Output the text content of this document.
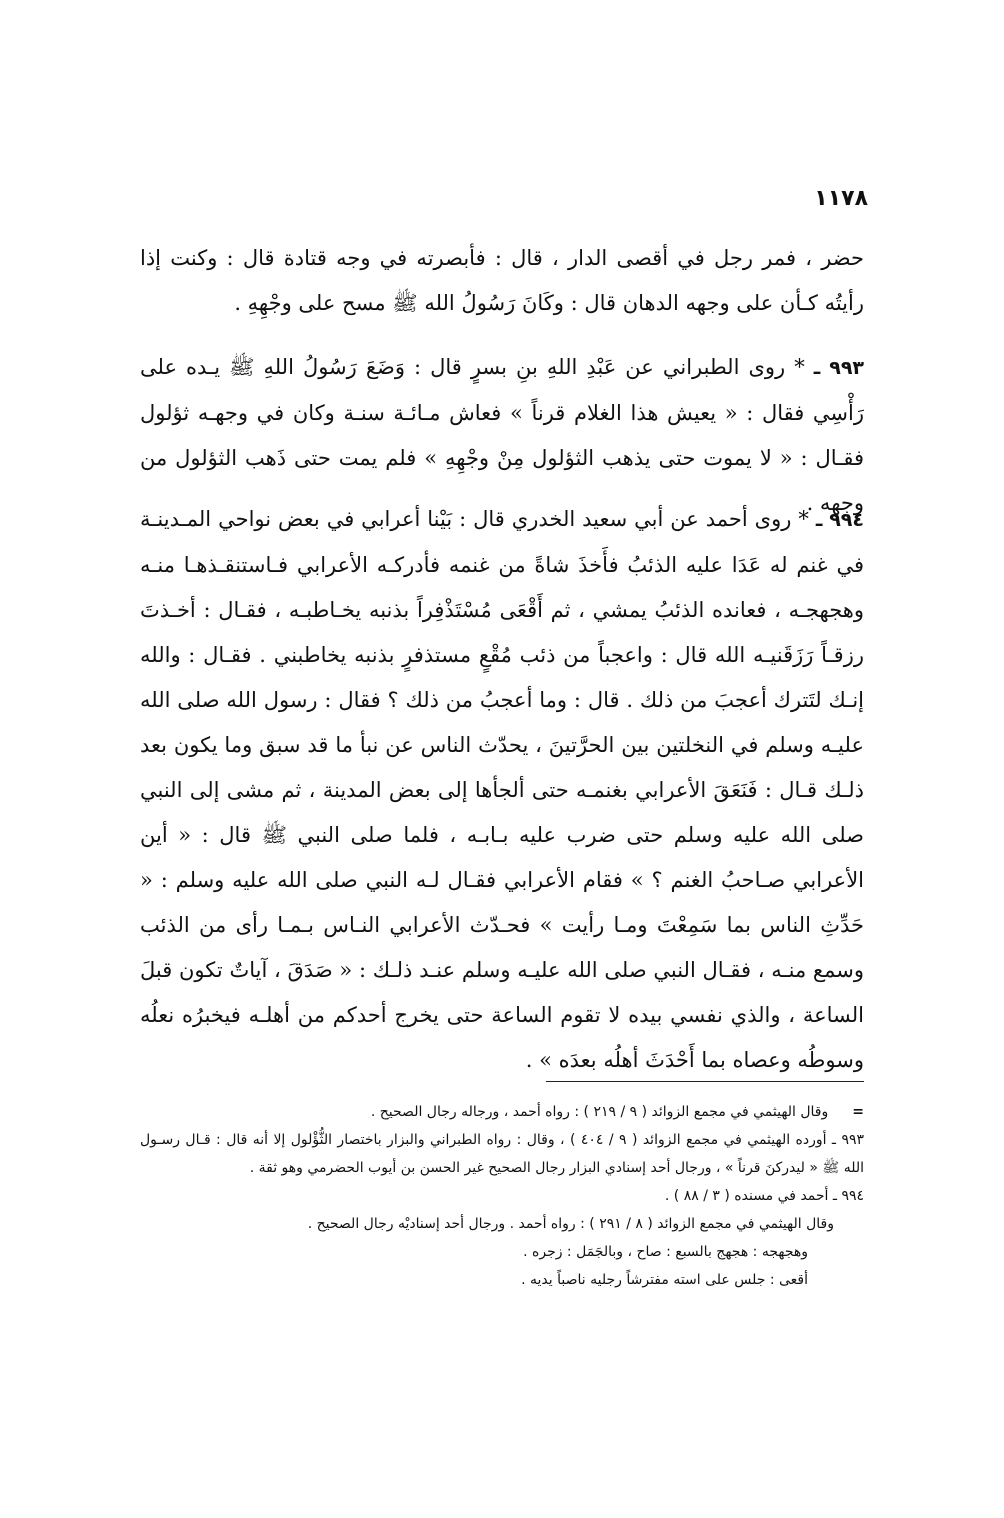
١١٧٨

حضر ، فمر رجل في أقصى الدار ، قال : فأبصرته في وجه قتادة قال : وكنت إذا رأيتُه كـأن على وجهه الدهان قال : وكَانَ رَسُولُ الله ﷺ مسح على وجْهِهِ .

٩٩٣ ـ * روى الطبراني عن عَبْدِ اللهِ بنِ بسرٍ قال : وَضَعَ رَسُولُ اللهِ ﷺ يـده على رَأْسِي فقال : « يعيش هذا الغلام قرناً » فعاش مـائـة سنـة وكان في وجهـه ثؤلول فقـال : « لا يموت حتى يذهب الثؤلول مِنْ وجْهِهِ » فلم يمت حتى ذَهب الثؤلول من وجهه .

٩٩٤ ـ * روى أحمد عن أبي سعيد الخدري قال : بَيْنا أعرابي في بعض نواحي المـدينـة في غنم له عَدَا عليه الذئبُ فأَخذَ شاةً من غنمه فأدركـه الأعرابي فـاستنقـذهـا منـه وهجهجـه ، فعانده الذئبُ يمشي ، ثم أَقْعَى مُسْتَذْفِراً بذنبه يخـاطبـه ، فقـال : أخـذتَ رزقـاً رَزَقَنيـه الله قال : واعجباً من ذئب مُقْعٍ مستذفرٍ بذنبه يخاطبني . فقـال : والله إنـك لتَترك أعجبَ من ذلك . قال : وما أعجبُ من ذلك ؟ فقال : رسول الله صلى الله عليـه وسلم في النخلتين بين الحرَّتينَ ، يحدّث الناس عن نبأ ما قد سبق وما يكون بعد ذلـك قـال : فَنَعَقَ الأعرابي بغنمـه حتى ألجأها إلى بعض المدينة ، ثم مشى إلى النبي صلى الله عليه وسلم حتى ضرب عليه بـابـه ، فلما صلى النبي ﷺ قال : « أين الأعرابي صـاحبُ الغنم ؟ » فقام الأعرابي فقـال لـه النبي صلى الله عليه وسلم : « حَدِّثِ الناس بما سَمِعْتَ ومـا رأيت » فحـدّث الأعرابي النـاس بـمـا رأى من الذئب وسمع منـه ، فقـال النبي صلى الله عليـه وسلم عنـد ذلـك : « صَدَقَ ، آياتٌ تكون قبلَ الساعة ، والذي نفسي بيده لا تقوم الساعة حتى يخرج أحدكم من أهلـه فيخبرُه نعلُه وسوطُه وعصاه بما أَحْدَثَ أهلُه بعدَه » .

=وقال الهيثمي في مجمع الزوائد ( ٩ / ٢١٩ ) : رواه أحمد ، ورجاله رجال الصحيح .

٩٩٣ ـ أورده الهيثمي في مجمع الزوائد ( ٩ / ٤٠٤ ) ، وقال : رواه الطبراني والبزار باختصار الثُّؤْلول إلا أنه قال : قـال رسـول الله ﷺ « ليدركنَ قرناً » ، ورجال أحد إسنادي البزار رجال الصحيح غير الحسن بن أيوب الحضرمي وهو ثقة .

٩٩٤ ـ أحمد في مسنده ( ٣ / ٨٨ ) .

وقال الهيثمي في مجمع الزوائد ( ٨ / ٢٩١ ) : رواه أحمد . ورجال أحد إسناديْه رجال الصحيح .

وهجهجه : هجهج بالسبع : صاح ، وبالجَمَل : زجره .

أقعى : جلس على استه مفترشاً رجليه ناصباً يديه .
